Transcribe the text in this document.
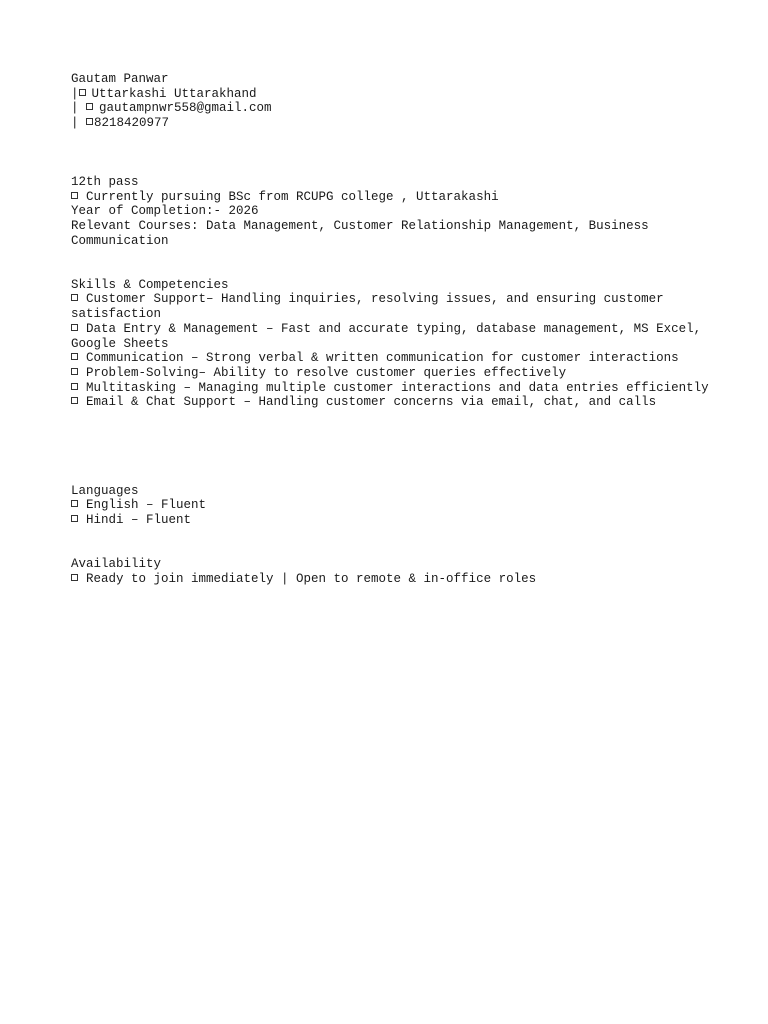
Gautam Panwar

| Uttarkashi Uttarakhand

| gautampnwr558@gmail.com

| 8218420977

12th pass

Currently pursuing BSc from RCUPG college , Uttarakashi

Year of Completion:- 2026

Relevant Courses: Data Management, Customer Relationship Management, Business Communication

Skills & Competencies

Customer Support– Handling inquiries, resolving issues, and ensuring customer satisfaction

Data Entry & Management – Fast and accurate typing, database management, MS Excel, Google Sheets

Communication – Strong verbal & written communication for customer interactions

Problem-Solving– Ability to resolve customer queries effectively

Multitasking – Managing multiple customer interactions and data entries efficiently

Email & Chat Support – Handling customer concerns via email, chat, and calls

Languages

English – Fluent

Hindi – Fluent

Availability

Ready to join immediately | Open to remote & in-office roles
